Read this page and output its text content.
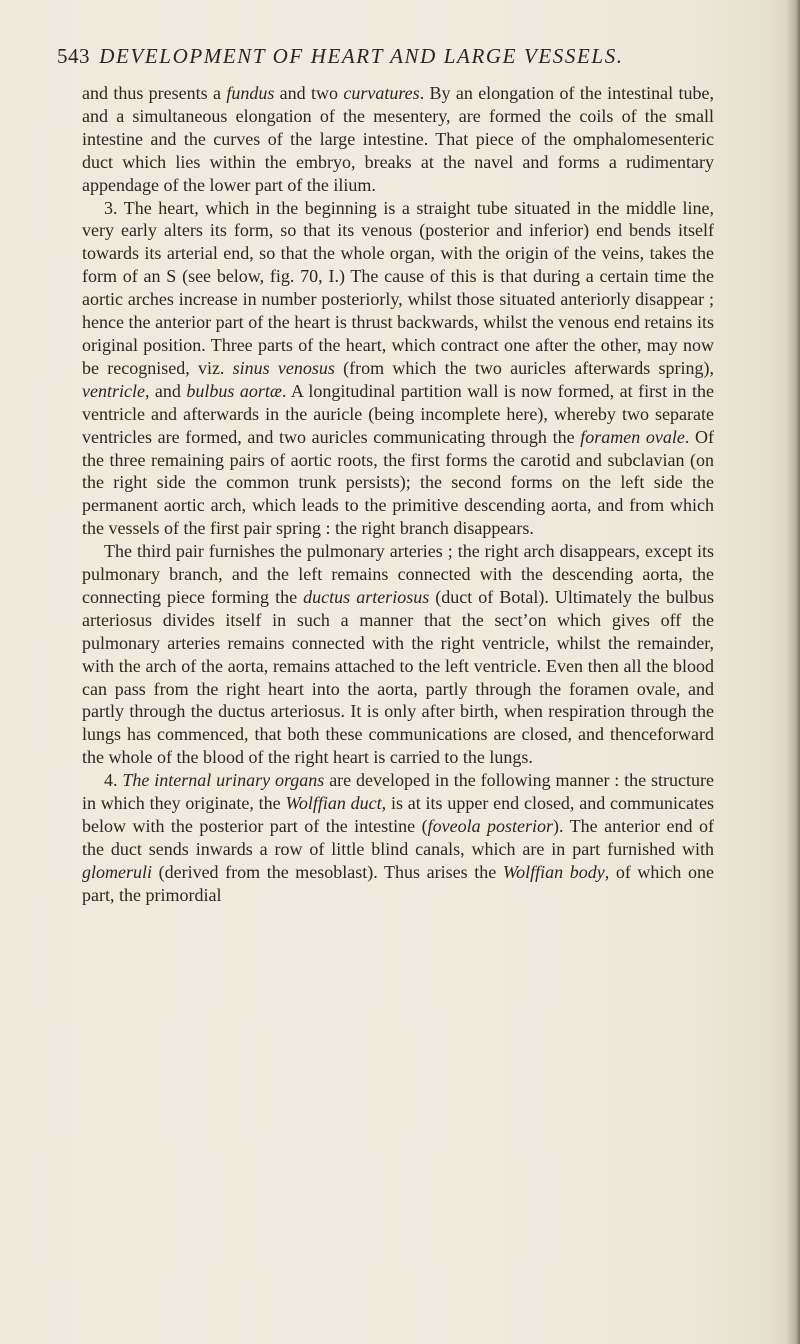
543 DEVELOPMENT OF HEART AND LARGE VESSELS.

and thus presents a fundus and two curvatures. By an elongation of the intestinal tube, and a simultaneous elongation of the mesentery, are formed the coils of the small intestine and the curves of the large intestine. That piece of the omphalomesenteric duct which lies within the embryo, breaks at the navel and forms a rudimentary appendage of the lower part of the ilium.

3. The heart, which in the beginning is a straight tube situated in the middle line, very early alters its form, so that its venous (posterior and inferior) end bends itself towards its arterial end, so that the whole organ, with the origin of the veins, takes the form of an S (see below, fig. 70, I.) The cause of this is that during a certain time the aortic arches increase in number posteriorly, whilst those situated anteriorly disappear ; hence the anterior part of the heart is thrust backwards, whilst the venous end retains its original position. Three parts of the heart, which contract one after the other, may now be recognised, viz. sinus venosus (from which the two auricles afterwards spring), ventricle, and bulbus aortæ. A longitudinal partition wall is now formed, at first in the ventricle and afterwards in the auricle (being incomplete here), whereby two separate ventricles are formed, and two auricles communicating through the foramen ovale. Of the three remaining pairs of aortic roots, the first forms the carotid and subclavian (on the right side the common trunk persists); the second forms on the left side the permanent aortic arch, which leads to the primitive descending aorta, and from which the vessels of the first pair spring : the right branch disappears.

The third pair furnishes the pulmonary arteries ; the right arch disappears, except its pulmonary branch, and the left remains connected with the descending aorta, the connecting piece forming the ductus arteriosus (duct of Botal). Ultimately the bulbus arteriosus divides itself in such a manner that the sect’on which gives off the pulmonary arteries remains connected with the right ventricle, whilst the remainder, with the arch of the aorta, remains attached to the left ventricle. Even then all the blood can pass from the right heart into the aorta, partly through the foramen ovale, and partly through the ductus arteriosus. It is only after birth, when respiration through the lungs has commenced, that both these communications are closed, and thenceforward the whole of the blood of the right heart is carried to the lungs.

4. The internal urinary organs are developed in the following manner : the structure in which they originate, the Wolffian duct, is at its upper end closed, and communicates below with the posterior part of the intestine (foveola posterior). The anterior end of the duct sends inwards a row of little blind canals, which are in part furnished with glomeruli (derived from the mesoblast). Thus arises the Wolffian body, of which one part, the primordial
